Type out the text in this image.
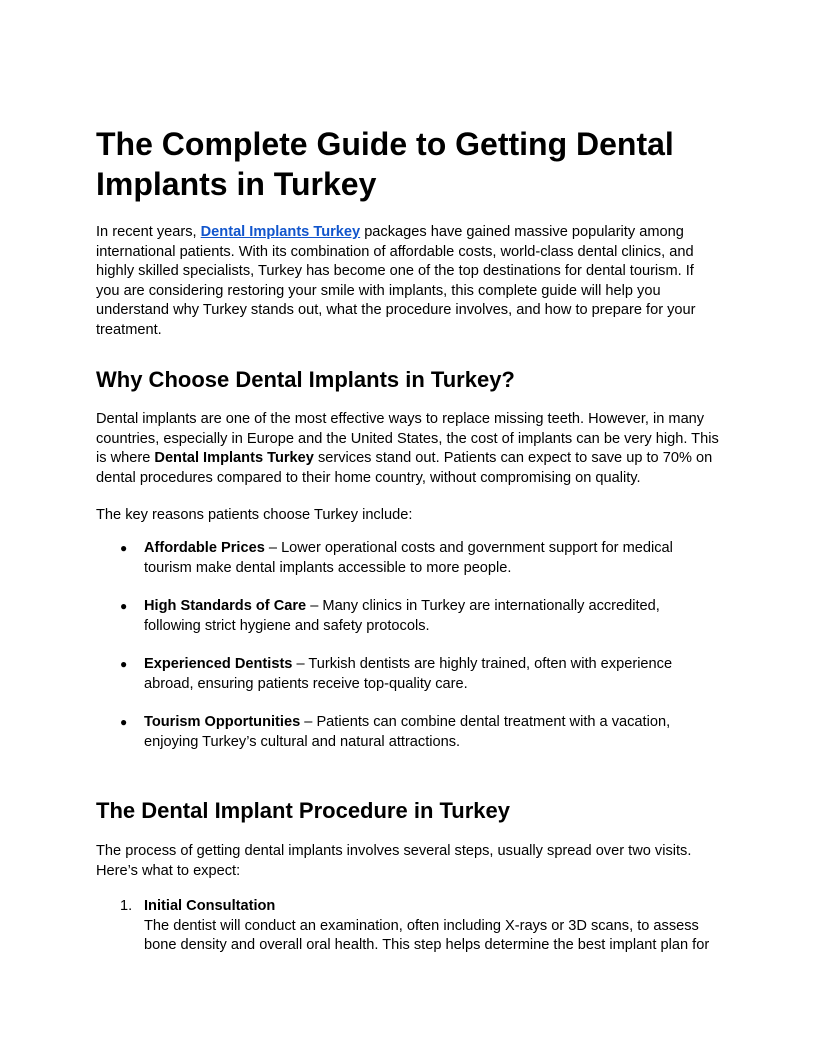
The Complete Guide to Getting Dental Implants in Turkey

In recent years, Dental Implants Turkey packages have gained massive popularity among international patients. With its combination of affordable costs, world-class dental clinics, and highly skilled specialists, Turkey has become one of the top destinations for dental tourism. If you are considering restoring your smile with implants, this complete guide will help you understand why Turkey stands out, what the procedure involves, and how to prepare for your treatment.

Why Choose Dental Implants in Turkey?

Dental implants are one of the most effective ways to replace missing teeth. However, in many countries, especially in Europe and the United States, the cost of implants can be very high. This is where Dental Implants Turkey services stand out. Patients can expect to save up to 70% on dental procedures compared to their home country, without compromising on quality.

The key reasons patients choose Turkey include:

● Affordable Prices – Lower operational costs and government support for medical tourism make dental implants accessible to more people.
● High Standards of Care – Many clinics in Turkey are internationally accredited, following strict hygiene and safety protocols.
● Experienced Dentists – Turkish dentists are highly trained, often with experience abroad, ensuring patients receive top-quality care.
● Tourism Opportunities – Patients can combine dental treatment with a vacation, enjoying Turkey’s cultural and natural attractions.
The Dental Implant Procedure in Turkey

The process of getting dental implants involves several steps, usually spread over two visits. Here’s what to expect:

1. Initial Consultation
The dentist will conduct an examination, often including X-rays or 3D scans, to assess bone density and overall oral health. This step helps determine the best implant plan for
